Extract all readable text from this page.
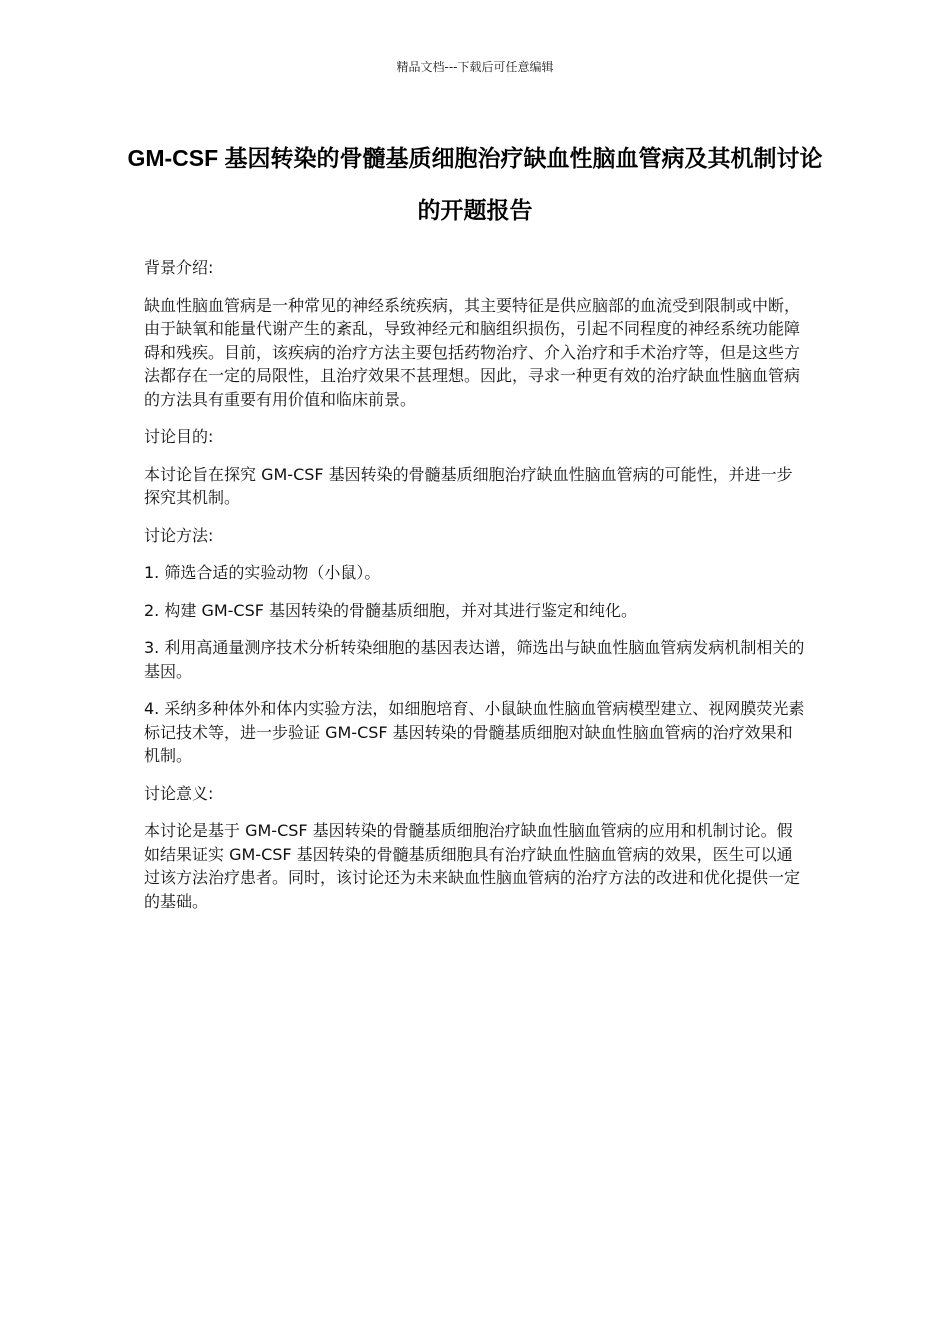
精品文档---下载后可任意编辑
GM-CSF 基因转染的骨髓基质细胞治疗缺血性脑血管病及其机制讨论的开题报告

背景介绍:

缺血性脑血管病是一种常见的神经系统疾病，其主要特征是供应脑部的血流受到限制或中断，由于缺氧和能量代谢产生的紊乱，导致神经元和脑组织损伤，引起不同程度的神经系统功能障碍和残疾。目前，该疾病的治疗方法主要包括药物治疗、介入治疗和手术治疗等，但是这些方法都存在一定的局限性，且治疗效果不甚理想。因此，寻求一种更有效的治疗缺血性脑血管病的方法具有重要有用价值和临床前景。

讨论目的:

本讨论旨在探究 GM-CSF 基因转染的骨髓基质细胞治疗缺血性脑血管病的可能性，并进一步探究其机制。

讨论方法:

1. 筛选合适的实验动物（小鼠）。

2. 构建 GM-CSF 基因转染的骨髓基质细胞，并对其进行鉴定和纯化。

3. 利用高通量测序技术分析转染细胞的基因表达谱，筛选出与缺血性脑血管病发病机制相关的基因。

4. 采纳多种体外和体内实验方法，如细胞培育、小鼠缺血性脑血管病模型建立、视网膜荧光素标记技术等，进一步验证 GM-CSF 基因转染的骨髓基质细胞对缺血性脑血管病的治疗效果和机制。

讨论意义:

本讨论是基于 GM-CSF 基因转染的骨髓基质细胞治疗缺血性脑血管病的应用和机制讨论。假如结果证实 GM-CSF 基因转染的骨髓基质细胞具有治疗缺血性脑血管病的效果，医生可以通过该方法治疗患者。同时，该讨论还为未来缺血性脑血管病的治疗方法的改进和优化提供一定的基础。
